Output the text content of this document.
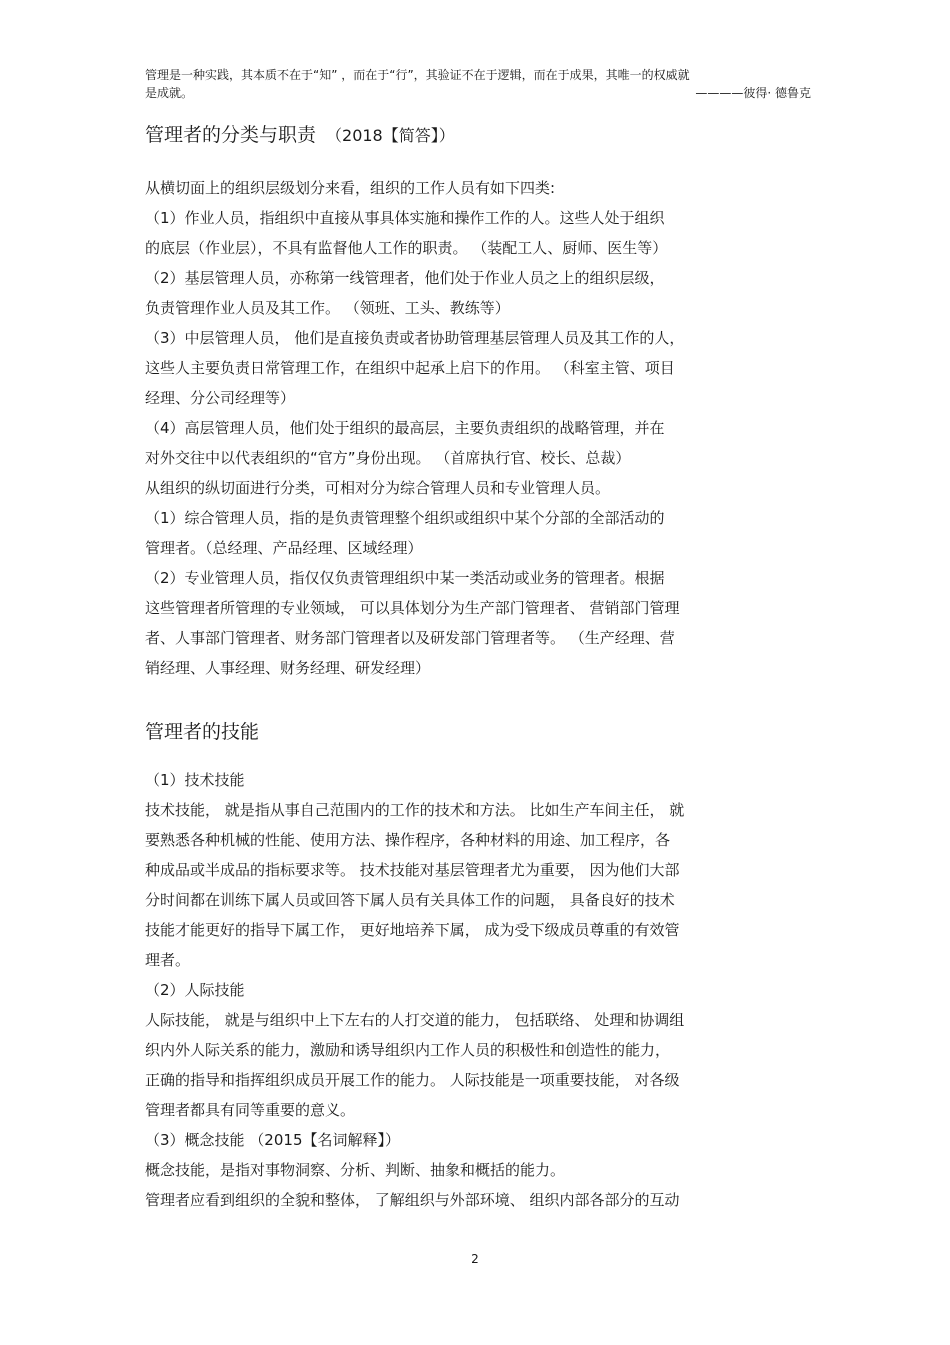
管理是一种实践，其本质不在于“知” ，而在于“行”，其验证不在于逻辑，而在于成果，其唯一的权威就
是成就。	————彼得· 德鲁克
管理者的分类与职责 （2018【简答】）
从横切面上的组织层级划分来看，组织的工作人员有如下四类:
（1）作业人员，指组织中直接从事具体实施和操作工作的人。这些人处于组织
的底层（作业层），不具有监督他人工作的职责。 （装配工人、厨师、医生等）
（2）基层管理人员，亦称第一线管理者，他们处于作业人员之上的组织层级，
负责管理作业人员及其工作。 （领班、工头、教练等）
（3）中层管理人员， 他们是直接负责或者协助管理基层管理人员及其工作的人，
这些人主要负责日常管理工作，在组织中起承上启下的作用。 （科室主管、项目
经理、分公司经理等）
（4）高层管理人员，他们处于组织的最高层，主要负责组织的战略管理，并在
对外交往中以代表组织的“官方”身份出现。 （首席执行官、校长、总裁）
从组织的纵切面进行分类，可相对分为综合管理人员和专业管理人员。
（1）综合管理人员，指的是负责管理整个组织或组织中某个分部的全部活动的
管理者。（总经理、产品经理、区域经理）
（2）专业管理人员，指仅仅负责管理组织中某一类活动或业务的管理者。根据
这些管理者所管理的专业领域， 可以具体划分为生产部门管理者、 营销部门管理
者、人事部门管理者、财务部门管理者以及研发部门管理者等。 （生产经理、营
销经理、人事经理、财务经理、研发经理）
管理者的技能
（1）技术技能
技术技能， 就是指从事自己范围内的工作的技术和方法。 比如生产车间主任， 就
要熟悉各种机械的性能、使用方法、操作程序，各种材料的用途、加工程序，各
种成品或半成品的指标要求等。 技术技能对基层管理者尤为重要， 因为他们大部
分时间都在训练下属人员或回答下属人员有关具体工作的问题， 具备良好的技术
技能才能更好的指导下属工作， 更好地培养下属， 成为受下级成员尊重的有效管
理者。
（2）人际技能
人际技能， 就是与组织中上下左右的人打交道的能力， 包括联络、 处理和协调组
织内外人际关系的能力，激励和诱导组织内工作人员的积极性和创造性的能力，
正确的指导和指挥组织成员开展工作的能力。 人际技能是一项重要技能， 对各级
管理者都具有同等重要的意义。
（3）概念技能 （2015【名词解释】）
概念技能，是指对事物洞察、分析、判断、抽象和概括的能力。
管理者应看到组织的全貌和整体， 了解组织与外部环境、 组织内部各部分的互动
2
